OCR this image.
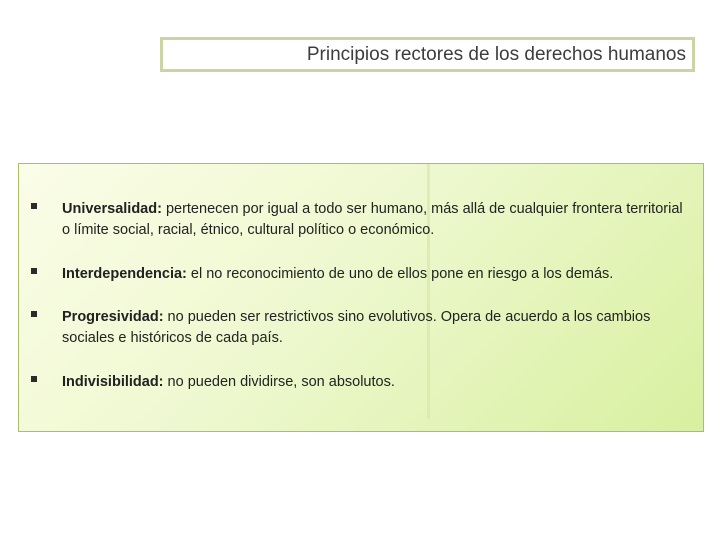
Principios rectores de los derechos humanos
Universalidad: pertenecen por igual a todo ser humano, más allá de cualquier frontera territorial o límite social, racial, étnico, cultural político o económico.
Interdependencia: el no reconocimiento de uno de ellos pone en riesgo a los demás.
Progresividad: no pueden ser restrictivos sino evolutivos. Opera de acuerdo a los cambios sociales e históricos de cada país.
Indivisibilidad: no pueden dividirse, son absolutos.
